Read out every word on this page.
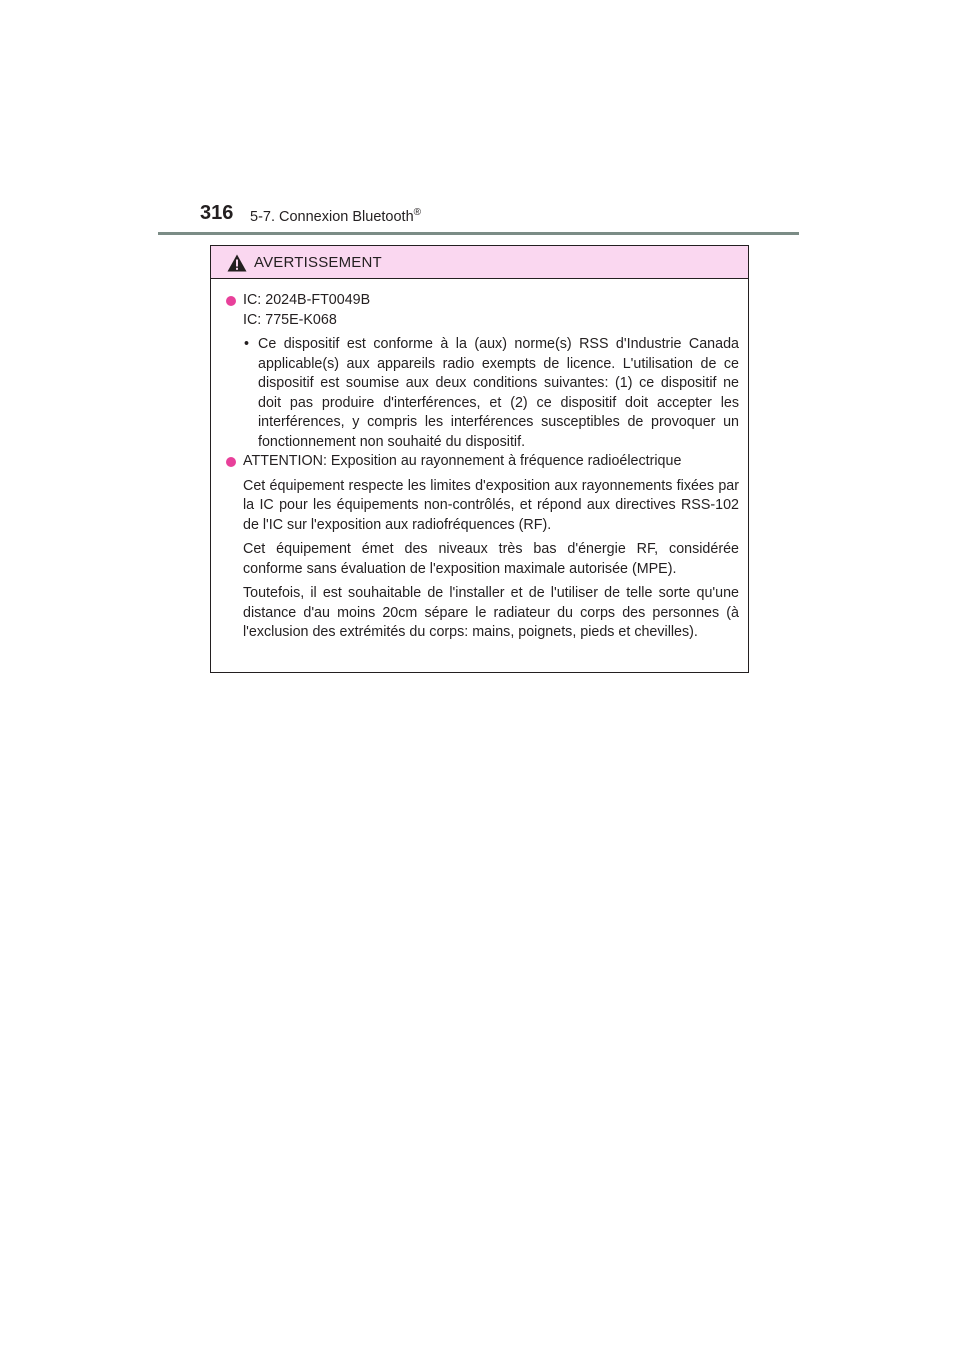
316 5-7. Connexion Bluetooth®
AVERTISSEMENT
IC: 2024B-FT0049B
IC: 775E-K068
• Ce dispositif est conforme à la (aux) norme(s) RSS d'Industrie Canada applicable(s) aux appareils radio exempts de licence. L'utilisation de ce dispositif est soumise aux deux conditions suivantes: (1) ce dispositif ne doit pas produire d'interférences, et (2) ce dispositif doit accepter les interférences, y compris les interférences susceptibles de provoquer un fonctionnement non souhaité du dispositif.
ATTENTION: Exposition au rayonnement à fréquence radioélectrique
Cet équipement respecte les limites d'exposition aux rayonnements fixées par la IC pour les équipements non-contrôlés, et répond aux directives RSS-102 de l'IC sur l'exposition aux radiofréquences (RF).
Cet équipement émet des niveaux très bas d'énergie RF, considérée conforme sans évaluation de l'exposition maximale autorisée (MPE).
Toutefois, il est souhaitable de l'installer et de l'utiliser de telle sorte qu'une distance d'au moins 20cm sépare le radiateur du corps des personnes (à l'exclusion des extrémités du corps: mains, poignets, pieds et chevilles).
